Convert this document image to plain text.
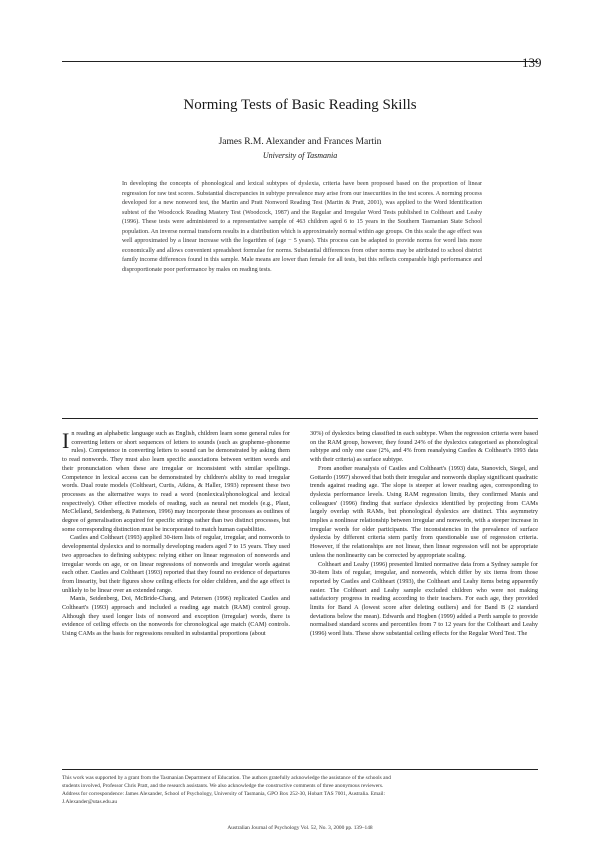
139
Norming Tests of Basic Reading Skills
James R.M. Alexander and Frances Martin
University of Tasmania
In developing the concepts of phonological and lexical subtypes of dyslexia, criteria have been proposed based on the proportion of linear regression for raw test scores. Substantial discrepancies in subtype prevalence may arise from our insecurities in the test scores. A norming process developed for a new nonword test, the Martin and Pratt Nonword Reading Test (Martin & Pratt, 2001), was applied to the Word Identification subtest of the Woodcock Reading Mastery Test (Woodcock, 1987) and the Regular and Irregular Word Tests published in Coltheart and Leahy (1996). These tests were administered to a representative sample of 463 children aged 6 to 15 years in the Southern Tasmanian State School population. An inverse normal transform results in a distribution which is approximately normal within age groups. On this scale the age effect was well approximated by a linear increase with the logarithm of (age − 5 years). This process can be adapted to provide norms for word lists more economically and allows convenient spreadsheet formulae for norms. Substantial differences from other norms may be attributed to school district family income differences found in this sample. Male means are lower than female for all tests, but this reflects comparable high performance and disproportionate poor performance by males on reading tests.
I n reading an alphabetic language such as English, children learn some general rules for converting letters or short sequences of letters to sounds (such as grapheme–phoneme rules). Competence in converting letters to sound can be demonstrated by asking them to read nonwords. They must also learn specific associations between written words and their pronunciation when these are irregular or inconsistent with similar spellings. Competence in lexical access can be demonstrated by children's ability to read irregular words. Dual route models (Coltheart, Curtis, Atkins, & Haller, 1993) represent these two processes as the alternative ways to read a word (nonlexical/phonological and lexical respectively). Other effective models of reading, such as neural net models (e.g., Plaut, McClelland, Seidenberg, & Patterson, 1996) may incorporate these processes as outlines of degree of generalisation acquired for specific strings rather than two distinct processes, but some corresponding distinction must be incorporated to match human capabilities.

Castles and Coltheart (1993) applied 30-item lists of regular, irregular, and nonwords to developmental dyslexics and to normally developing readers aged 7 to 15 years. They used two approaches to defining subtypes: relying either on linear regression of nonwords and irregular words on age, or on linear regressions of nonwords and irregular words against each other. Castles and Coltheart (1993) reported that they found no evidence of departures from linearity, but their figures show ceiling effects for older children, and the age effect is unlikely to be linear over an extended range.

Manis, Seidenberg, Doi, McBride-Chang, and Petersen (1996) replicated Castles and Coltheart's (1993) approach and included a reading age match (RAM) control group. Although they used longer lists of nonword and exception (irregular) words, there is evidence of ceiling effects on the nonwords for chronological age match (CAM) controls. Using CAMs as the basis for regressions resulted in substantial proportions (about

30%) of dyslexics being classified in each subtype. When the regression criteria were based on the RAM group, however, they found 24% of the dyslexics categorised as phonological subtype and only one case (2%, and 4% from reanalysing Castles & Coltheart's 1993 data with their criteria) as surface subtype.

From another reanalysis of Castles and Coltheart's (1993) data, Stanovich, Siegel, and Gottardo (1997) showed that both their irregular and nonwords display significant quadratic trends against reading age. The slope is steeper at lower reading ages, corresponding to dyslexia performance levels. Using RAM regression limits, they confirmed Manis and colleagues' (1996) finding that surface dyslexics identified by projecting from CAMs largely overlap with RAMs, but phonological dyslexics are distinct. This asymmetry implies a nonlinear relationship between irregular and nonwords, with a steeper increase in irregular words for older participants. The inconsistencies in the prevalence of surface dyslexia by different criteria stem partly from questionable use of regression criteria. However, if the relationships are not linear, then linear regression will not be appropriate unless the nonlinearity can be corrected by appropriate scaling.

Coltheart and Leahy (1996) presented limited normative data from a Sydney sample for 30-item lists of regular, irregular, and nonwords, which differ by six items from those reported by Castles and Coltheart (1993), the Coltheart and Leahy items being apparently easier. The Coltheart and Leahy sample excluded children who were not making satisfactory progress in reading according to their teachers. For each age, they provided limits for Band A (lowest score after deleting outliers) and for Band B (2 standard deviations below the mean). Edwards and Hogben (1999) added a Perth sample to provide normalised standard scores and percentiles from 7 to 12 years for the Coltheart and Leahy (1996) word lists. These show substantial ceiling effects for the Regular Word Test. The

This work was supported by a grant from the Tasmanian Department of Education. The authors gratefully acknowledge the assistance of the schools and
students involved, Professor Chris Pratt, and the research assistants. We also acknowledge the constructive comments of three anonymous reviewers.
Address for correspondence: James Alexander, School of Psychology, University of Tasmania, GPO Box 252-30, Hobart TAS 7001, Australia. Email:
J.Alexander@utas.edu.au
Australian Journal of Psychology Vol. 52, No. 3, 2000 pp. 139–148
